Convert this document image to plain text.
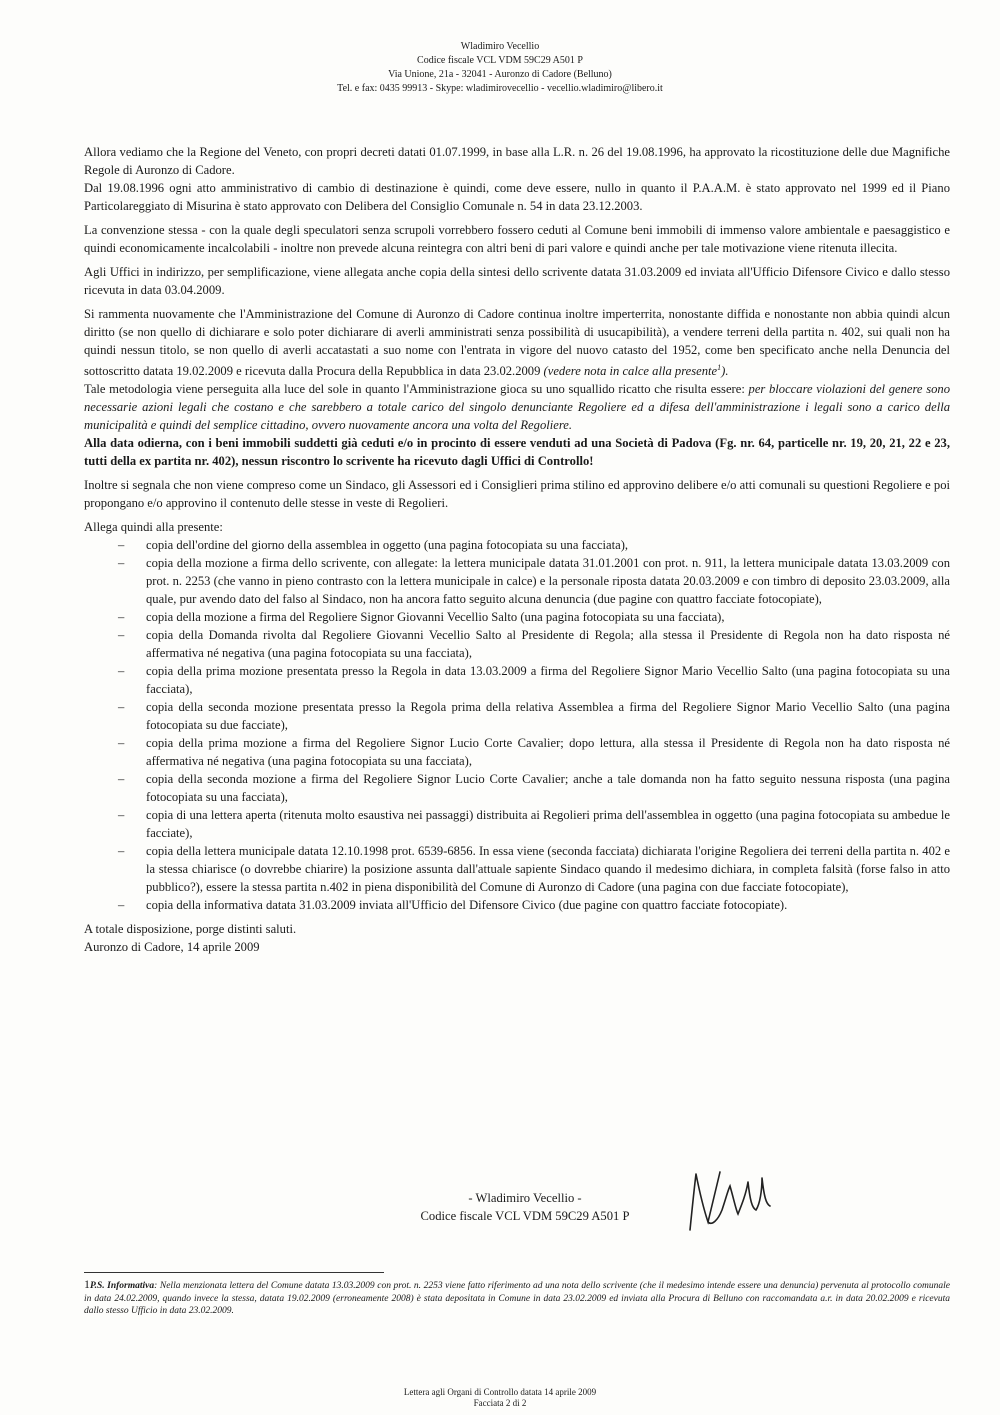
Wladimiro Vecellio
Codice fiscale VCL VDM 59C29 A501 P
Via Unione, 21a - 32041 - Auronzo di Cadore (Belluno)
Tel. e fax: 0435 99913 - Skype: wladimirovecellio - vecellio.wladimiro@libero.it

Allora vediamo che la Regione del Veneto, con propri decreti datati 01.07.1999, in base alla L.R. n. 26 del 19.08.1996, ha approvato la ricostituzione delle due Magnifiche Regole di Auronzo di Cadore.

Dal 19.08.1996 ogni atto amministrativo di cambio di destinazione è quindi, come deve essere, nullo in quanto il P.A.A.M. è stato approvato nel 1999 ed il Piano Particolareggiato di Misurina è stato approvato con Delibera del Consiglio Comunale n. 54 in data 23.12.2003.

La convenzione stessa - con la quale degli speculatori senza scrupoli vorrebbero fossero ceduti al Comune beni immobili di immenso valore ambientale e paesaggistico e quindi economicamente incalcolabili - inoltre non prevede alcuna reintegra con altri beni di pari valore e quindi anche per tale motivazione viene ritenuta illecita.

Agli Uffici in indirizzo, per semplificazione, viene allegata anche copia della sintesi dello scrivente datata 31.03.2009 ed inviata all'Ufficio Difensore Civico e dallo stesso ricevuta in data 03.04.2009.

Si rammenta nuovamente che l'Amministrazione del Comune di Auronzo di Cadore continua inoltre imperterrita, nonostante diffida e nonostante non abbia quindi alcun diritto (se non quello di dichiarare e solo poter dichiarare di averli amministrati senza possibilità di usucapibilità), a vendere terreni della partita n. 402, sui quali non ha quindi nessun titolo, se non quello di averli accatastati a suo nome con l'entrata in vigore del nuovo catasto del 1952, come ben specificato anche nella Denuncia del sottoscritto datata 19.02.2009 e ricevuta dalla Procura della Repubblica in data 23.02.2009 (vedere nota in calce alla presente$^1$).

Tale metodologia viene perseguita alla luce del sole in quanto l'Amministrazione gioca su uno squallido ricatto che risulta essere: per bloccare violazioni del genere sono necessarie azioni legali che costano e che sarebbero a totale carico del singolo denunciante Regoliere ed a difesa dell'amministrazione i legali sono a carico della municipalità e quindi del semplice cittadino, ovvero nuovamente ancora una volta del Regoliere.

Alla data odierna, con i beni immobili suddetti già ceduti e/o in procinto di essere venduti ad una Società di Padova (Fg. nr. 64, particelle nr. 19, 20, 21, 22 e 23, tutti della ex partita nr. 402), nessun riscontro lo scrivente ha ricevuto dagli Uffici di Controllo!

Inoltre si segnala che non viene compreso come un Sindaco, gli Assessori ed i Consiglieri prima stilino ed approvino delibere e/o atti comunali su questioni Regoliere e poi propongano e/o approvino il contenuto delle stesse in veste di Regolieri.

Allega quindi alla presente:

– copia dell'ordine del giorno della assemblea in oggetto (una pagina fotocopiata su una facciata),
– copia della mozione a firma dello scrivente, con allegate: la lettera municipale datata 31.01.2001 con prot. n. 911, la lettera municipale datata 13.03.2009 con prot. n. 2253 (che vanno in pieno contrasto con la lettera municipale in calce) e la personale riposta datata 20.03.2009 e con timbro di deposito 23.03.2009, alla quale, pur avendo dato del falso al Sindaco, non ha ancora fatto seguito alcuna denuncia (due pagine con quattro facciate fotocopiate),
– copia della mozione a firma del Regoliere Signor Giovanni Vecellio Salto (una pagina fotocopiata su una facciata),
– copia della Domanda rivolta dal Regoliere Giovanni Vecellio Salto al Presidente di Regola; alla stessa il Presidente di Regola non ha dato risposta né affermativa né negativa (una pagina fotocopiata su una facciata),
– copia della prima mozione presentata presso la Regola in data 13.03.2009 a firma del Regoliere Signor Mario Vecellio Salto (una pagina fotocopiata su una facciata),
– copia della seconda mozione presentata presso la Regola prima della relativa Assemblea a firma del Regoliere Signor Mario Vecellio Salto (una pagina fotocopiata su due facciate),
– copia della prima mozione a firma del Regoliere Signor Lucio Corte Cavalier; dopo lettura, alla stessa il Presidente di Regola non ha dato risposta né affermativa né negativa (una pagina fotocopiata su una facciata),
– copia della seconda mozione a firma del Regoliere Signor Lucio Corte Cavalier; anche a tale domanda non ha fatto seguito nessuna risposta (una pagina fotocopiata su una facciata),
– copia di una lettera aperta (ritenuta molto esaustiva nei passaggi) distribuita ai Regolieri prima dell'assemblea in oggetto (una pagina fotocopiata su ambedue le facciate),
– copia della lettera municipale datata 12.10.1998 prot. 6539-6856. In essa viene (seconda facciata) dichiarata l'origine Regoliera dei terreni della partita n. 402 e la stessa chiarisce (o dovrebbe chiarire) la posizione assunta dall'attuale sapiente Sindaco quando il medesimo dichiara, in completa falsità (forse falso in atto pubblico?), essere la stessa partita n.402 in piena disponibilità del Comune di Auronzo di Cadore (una pagina con due facciate fotocopiate),
– copia della informativa datata 31.03.2009 inviata all'Ufficio del Difensore Civico (due pagine con quattro facciate fotocopiate).

A totale disposizione, porge distinti saluti.

Auronzo di Cadore, 14 aprile 2009

- Wladimiro Vecellio -
Codice fiscale VCL VDM 59C29 A501 P
1P.S. Informativa: Nella menzionata lettera del Comune datata 13.03.2009 con prot. n. 2253 viene fatto riferimento ad una nota dello scrivente (che il medesimo intende essere una denuncia) pervenuta al protocollo comunale in data 24.02.2009, quando invece la stessa, datata 19.02.2009 (erroneamente 2008) è stata depositata in Comune in data 23.02.2009 ed inviata alla Procura di Belluno con raccomandata a.r. in data 20.02.2009 e ricevuta dallo stesso Ufficio in data 23.02.2009.
Lettera agli Organi di Controllo datata 14 aprile 2009
Facciata 2 di 2
